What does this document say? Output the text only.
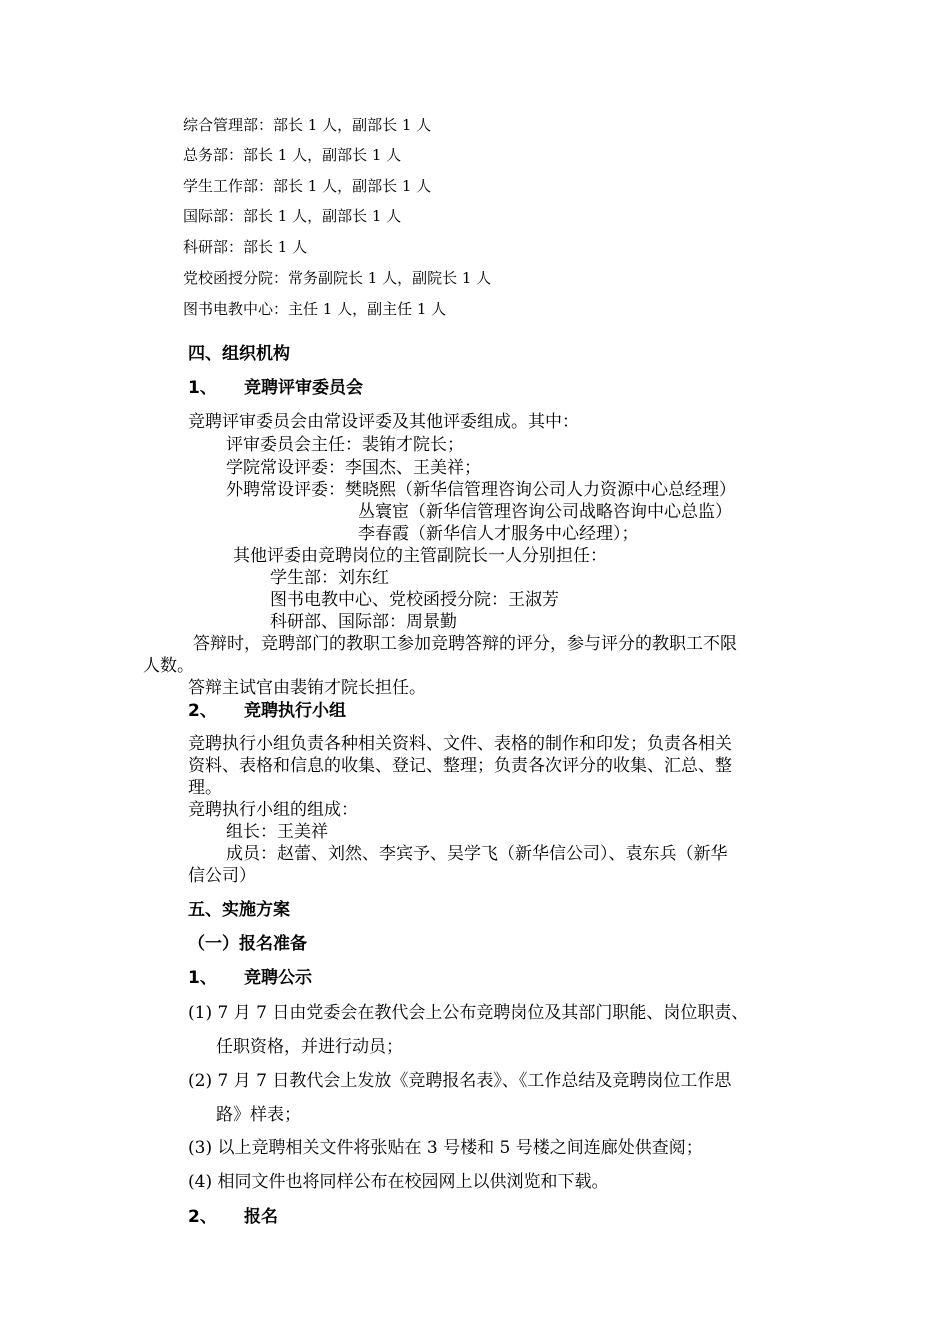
综合管理部：部长 1 人，副部长 1 人
总务部：部长 1 人，副部长 1 人
学生工作部：部长 1 人，副部长 1 人
国际部：部长 1 人，副部长 1 人
科研部：部长 1 人
党校函授分院：常务副院长 1 人，副院长 1 人
图书电教中心：主任 1 人，副主任 1 人
四、组织机构
1、 竞聘评审委员会
竞聘评审委员会由常设评委及其他评委组成。其中：
评审委员会主任：裴铕才院长；
学院常设评委：李国杰、王美祥；
外聘常设评委：樊晓熙（新华信管理咨询公司人力资源中心总经理）
丛寰宦（新华信管理咨询公司战略咨询中心总监）
李春霞（新华信人才服务中心经理）；
其他评委由竞聘岗位的主管副院长一人分别担任：
学生部：刘东红
图书电教中心、党校函授分院：王淑芳
科研部、国际部：周景勤
答辩时，竞聘部门的教职工参加竞聘答辩的评分，参与评分的教职工不限
人数。
答辩主试官由裴铕才院长担任。
2、 竞聘执行小组
竞聘执行小组负责各种相关资料、文件、表格的制作和印发；负责各相关
资料、表格和信息的收集、登记、整理；负责各次评分的收集、汇总、整
理。
竞聘执行小组的组成：
组长：王美祥
成员：赵蕾、刘然、李宾予、吴学飞（新华信公司）、袁东兵（新华
信公司）
五、实施方案
（一）报名准备
1、 竞聘公示
(1) 7 月 7 日由党委会在教代会上公布竞聘岗位及其部门职能、岗位职责、
任职资格，并进行动员；
(2) 7 月 7 日教代会上发放《竞聘报名表》、《工作总结及竞聘岗位工作思
路》样表；
(3) 以上竞聘相关文件将张贴在 3 号楼和 5 号楼之间连廊处供查阅；
(4) 相同文件也将同样公布在校园网上以供浏览和下载。
2、 报名
